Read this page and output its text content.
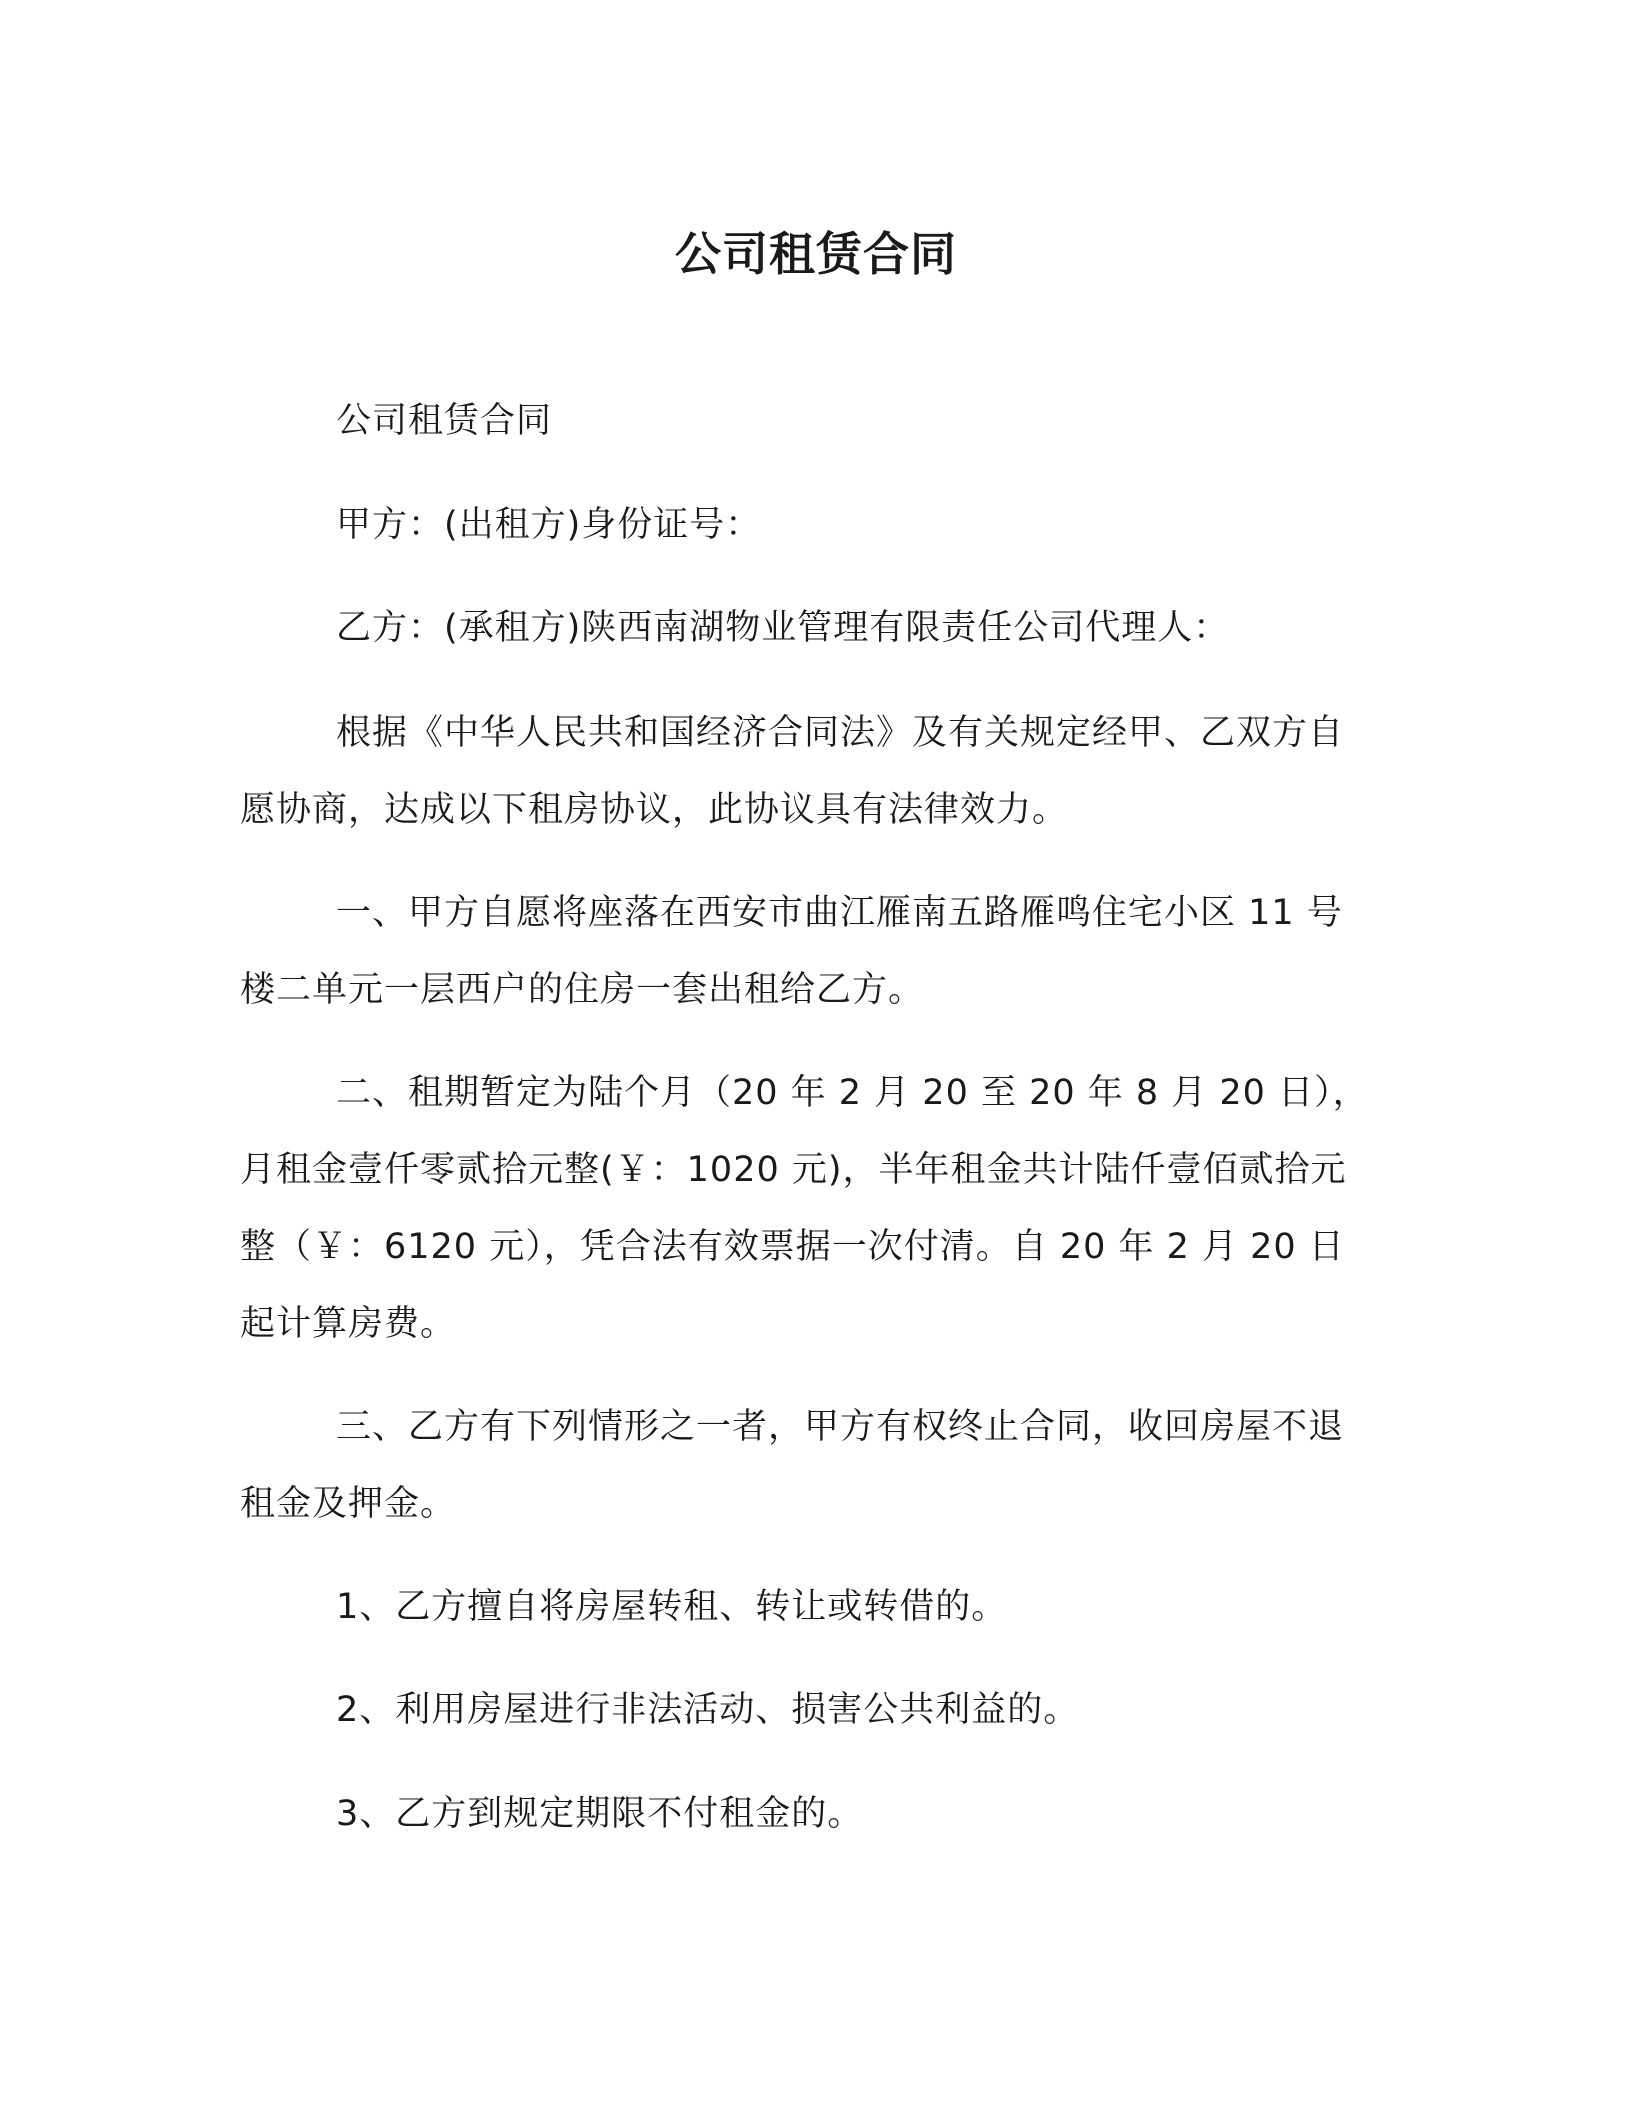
公司租赁合同

公司租赁合同

甲方：(出租方)身份证号：

乙方：(承租方)陕西南湖物业管理有限责任公司代理人：

根据《中华人民共和国经济合同法》及有关规定经甲、乙双方自
愿协商，达成以下租房协议，此协议具有法律效力。

一、甲方自愿将座落在西安市曲江雁南五路雁鸣住宅小区 11 号
楼二单元一层西户的住房一套出租给乙方。

二、租期暂定为陆个月（20 年 2 月 20 至 20 年 8 月 20 日），
月租金壹仟零贰拾元整(￥：1020 元)，半年租金共计陆仟壹佰贰拾元
整（￥：6120 元），凭合法有效票据一次付清。自 20 年 2 月 20 日
起计算房费。

三、乙方有下列情形之一者，甲方有权终止合同，收回房屋不退
租金及押金。

1、乙方擅自将房屋转租、转让或转借的。

2、利用房屋进行非法活动、损害公共利益的。

3、乙方到规定期限不付租金的。
